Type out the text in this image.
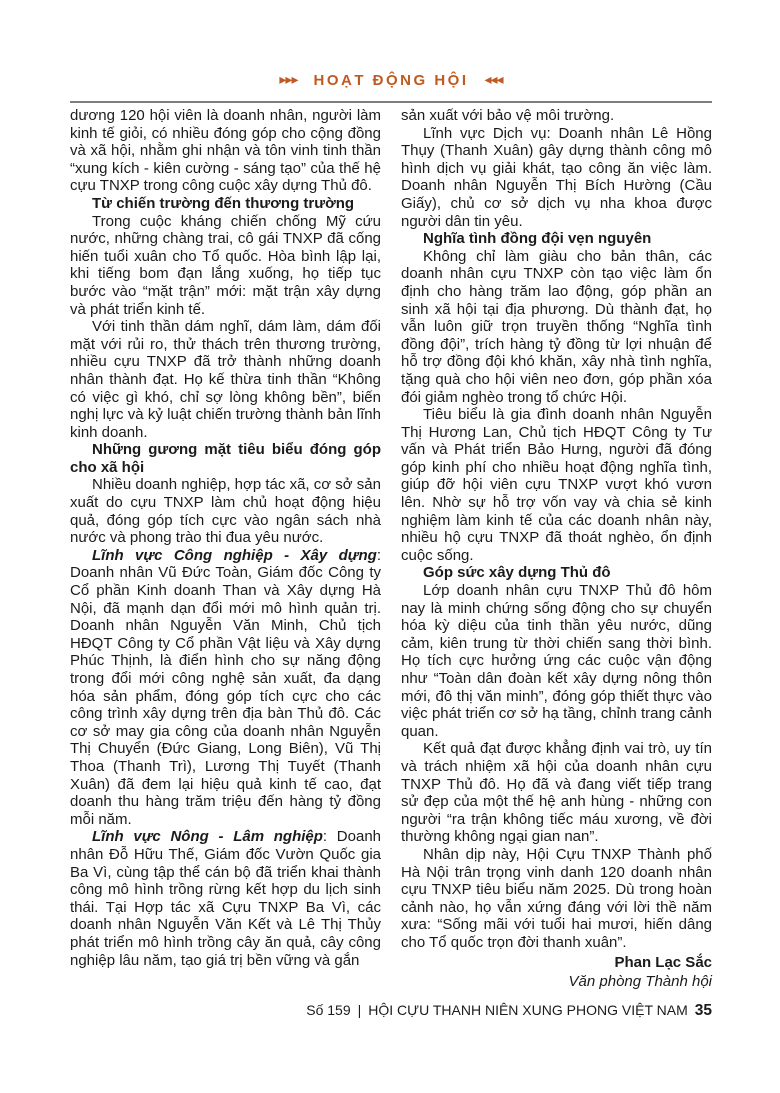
▸▸▸ HOẠT ĐỘNG HỘI ◂◂◂

dương 120 hội viên là doanh nhân, người làm kinh tế giỏi, có nhiều đóng góp cho cộng đồng và xã hội, nhằm ghi nhận và tôn vinh tinh thần “xung kích - kiên cường - sáng tạo” của thế hệ cựu TNXP trong công cuộc xây dựng Thủ đô.

Từ chiến trường đến thương trường

Trong cuộc kháng chiến chống Mỹ cứu nước, những chàng trai, cô gái TNXP đã cống hiến tuổi xuân cho Tổ quốc. Hòa bình lập lại, khi tiếng bom đạn lắng xuống, họ tiếp tục bước vào “mặt trận” mới: mặt trận xây dựng và phát triển kinh tế.

Với tinh thần dám nghĩ, dám làm, dám đối mặt với rủi ro, thử thách trên thương trường, nhiều cựu TNXP đã trở thành những doanh nhân thành đạt. Họ kế thừa tinh thần “Không có việc gì khó, chỉ sợ lòng không bền”, biến nghị lực và kỷ luật chiến trường thành bản lĩnh kinh doanh.

Những gương mặt tiêu biểu đóng góp cho xã hội

Nhiều doanh nghiệp, hợp tác xã, cơ sở sản xuất do cựu TNXP làm chủ hoạt động hiệu quả, đóng góp tích cực vào ngân sách nhà nước và phong trào thi đua yêu nước.

Lĩnh vực Công nghiệp - Xây dựng: Doanh nhân Vũ Đức Toàn, Giám đốc Công ty Cổ phần Kinh doanh Than và Xây dựng Hà Nội, đã mạnh dạn đổi mới mô hình quản trị. Doanh nhân Nguyễn Văn Minh, Chủ tịch HĐQT Công ty Cổ phần Vật liệu và Xây dựng Phúc Thịnh, là điển hình cho sự năng động trong đổi mới công nghệ sản xuất, đa dạng hóa sản phẩm, đóng góp tích cực cho các công trình xây dựng trên địa bàn Thủ đô. Các cơ sở may gia công của doanh nhân Nguyễn Thị Chuyển (Đức Giang, Long Biên), Vũ Thị Thoa (Thanh Trì), Lương Thị Tuyết (Thanh Xuân) đã đem lại hiệu quả kinh tế cao, đạt doanh thu hàng trăm triệu đến hàng tỷ đồng mỗi năm.

Lĩnh vực Nông - Lâm nghiệp: Doanh nhân Đỗ Hữu Thế, Giám đốc Vườn Quốc gia Ba Vì, cùng tập thể cán bộ đã triển khai thành công mô hình trồng rừng kết hợp du lịch sinh thái. Tại Hợp tác xã Cựu TNXP Ba Vì, các doanh nhân Nguyễn Văn Kết và Lê Thị Thủy phát triển mô hình trồng cây ăn quả, cây công nghiệp lâu năm, tạo giá trị bền vững và gắn

sản xuất với bảo vệ môi trường.

Lĩnh vực Dịch vụ: Doanh nhân Lê Hồng Thụy (Thanh Xuân) gây dựng thành công mô hình dịch vụ giải khát, tạo công ăn việc làm. Doanh nhân Nguyễn Thị Bích Hường (Cầu Giấy), chủ cơ sở dịch vụ nha khoa được người dân tin yêu.

Nghĩa tình đồng đội vẹn nguyên

Không chỉ làm giàu cho bản thân, các doanh nhân cựu TNXP còn tạo việc làm ổn định cho hàng trăm lao động, góp phần an sinh xã hội tại địa phương. Dù thành đạt, họ vẫn luôn giữ trọn truyền thống “Nghĩa tình đồng đội”, trích hàng tỷ đồng từ lợi nhuận để hỗ trợ đồng đội khó khăn, xây nhà tình nghĩa, tặng quà cho hội viên neo đơn, góp phần xóa đói giảm nghèo trong tổ chức Hội.

Tiêu biểu là gia đình doanh nhân Nguyễn Thị Hương Lan, Chủ tịch HĐQT Công ty Tư vấn và Phát triển Bảo Hưng, người đã đóng góp kinh phí cho nhiều hoạt động nghĩa tình, giúp đỡ hội viên cựu TNXP vượt khó vươn lên. Nhờ sự hỗ trợ vốn vay và chia sẻ kinh nghiệm làm kinh tế của các doanh nhân này, nhiều hộ cựu TNXP đã thoát nghèo, ổn định cuộc sống.

Góp sức xây dựng Thủ đô

Lớp doanh nhân cựu TNXP Thủ đô hôm nay là minh chứng sống động cho sự chuyển hóa kỳ diệu của tinh thần yêu nước, dũng cảm, kiên trung từ thời chiến sang thời bình. Họ tích cực hưởng ứng các cuộc vận động như “Toàn dân đoàn kết xây dựng nông thôn mới, đô thị văn minh”, đóng góp thiết thực vào việc phát triển cơ sở hạ tầng, chỉnh trang cảnh quan.

Kết quả đạt được khẳng định vai trò, uy tín và trách nhiệm xã hội của doanh nhân cựu TNXP Thủ đô. Họ đã và đang viết tiếp trang sử đẹp của một thế hệ anh hùng - những con người “ra trận không tiếc máu xương, về đời thường không ngại gian nan”.

Nhân dịp này, Hội Cựu TNXP Thành phố Hà Nội trân trọng vinh danh 120 doanh nhân cựu TNXP tiêu biểu năm 2025. Dù trong hoàn cảnh nào, họ vẫn xứng đáng với lời thề năm xưa: “Sống mãi với tuổi hai mươi, hiến dâng cho Tổ quốc trọn đời thanh xuân”.

Phan Lạc Sắc

Văn phòng Thành hội

Số 159 | HỘI CỰU THANH NIÊN XUNG PHONG VIỆT NAM 35
